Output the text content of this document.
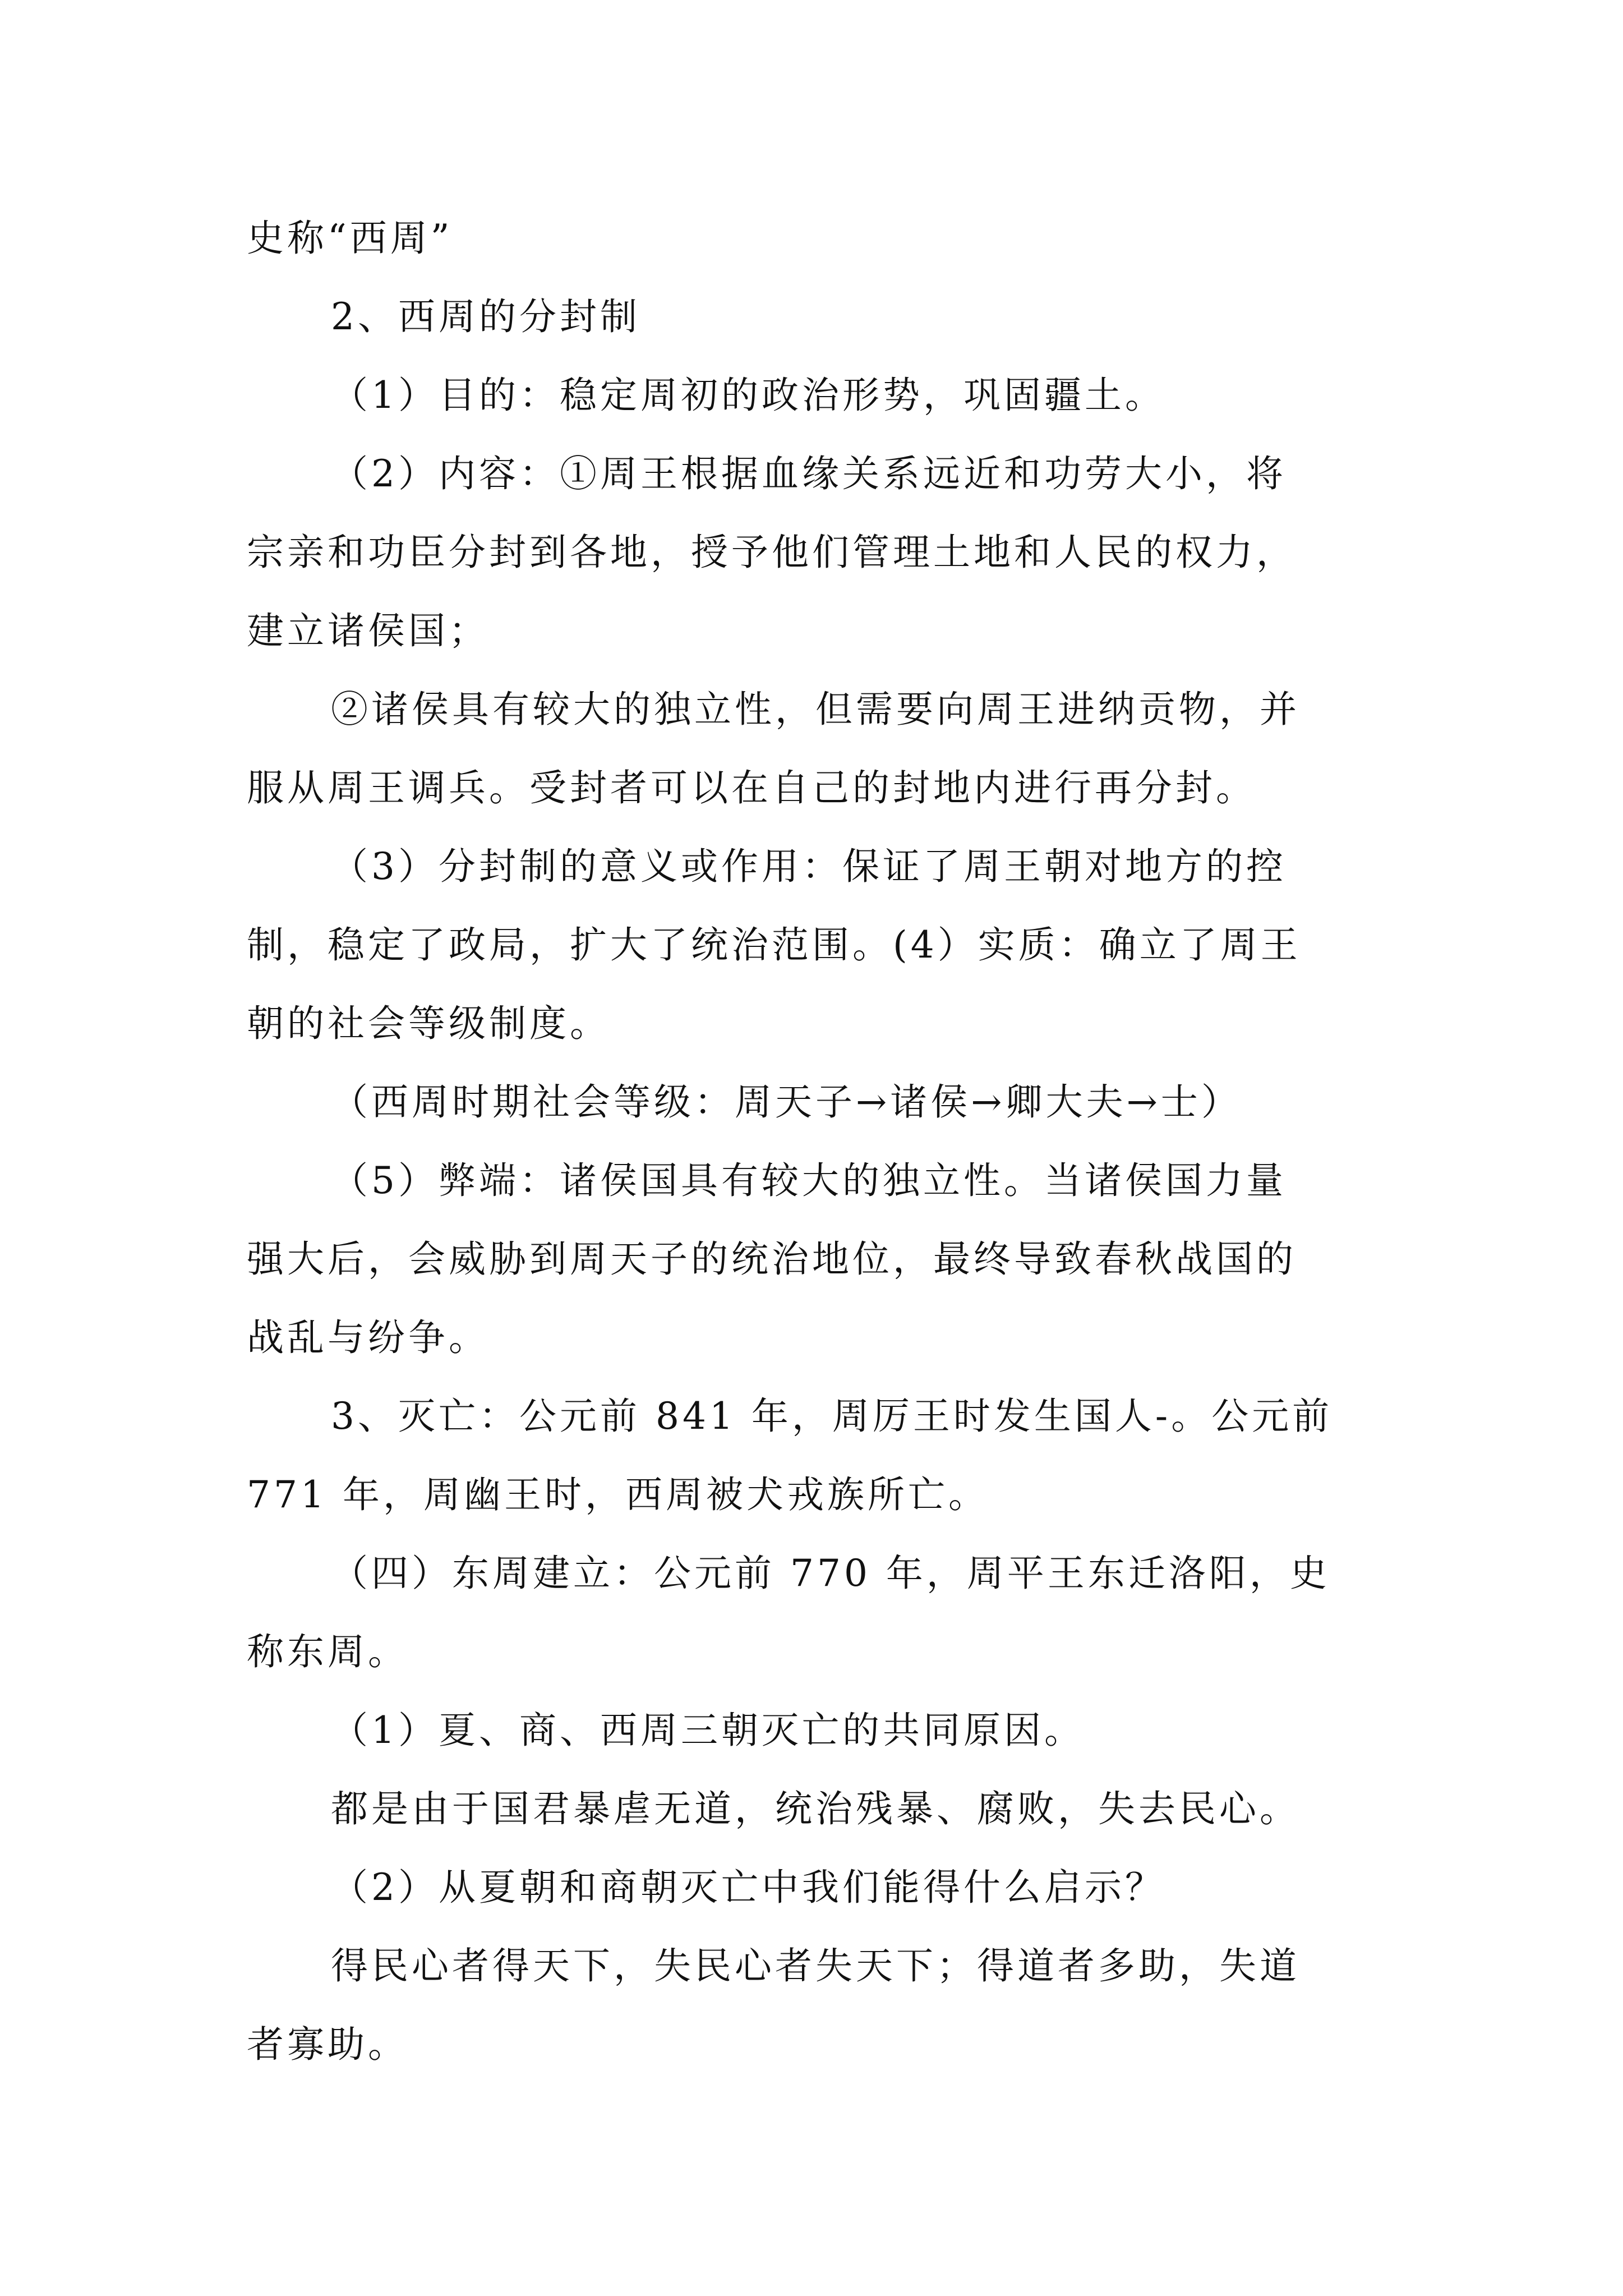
史称“西周”
2、西周的分封制
（1）目的：稳定周初的政治形势，巩固疆土。
（2）内容：①周王根据血缘关系远近和功劳大小，将
宗亲和功臣分封到各地，授予他们管理土地和人民的权力，
建立诸侯国；
②诸侯具有较大的独立性，但需要向周王进纳贡物，并
服从周王调兵。受封者可以在自己的封地内进行再分封。
（3）分封制的意义或作用：保证了周王朝对地方的控
制，稳定了政局，扩大了统治范围。(4）实质：确立了周王
朝的社会等级制度。
（西周时期社会等级：周天子→诸侯→卿大夫→士）
（5）弊端：诸侯国具有较大的独立性。当诸侯国力量
强大后，会威胁到周天子的统治地位，最终导致春秋战国的
战乱与纷争。
3、灭亡：公元前 841 年，周厉王时发生国人-。公元前
771 年，周幽王时，西周被犬戎族所亡。
（四）东周建立：公元前 770 年，周平王东迁洛阳，史
称东周。
（1）夏、商、西周三朝灭亡的共同原因。
都是由于国君暴虐无道，统治残暴、腐败，失去民心。
（2）从夏朝和商朝灭亡中我们能得什么启示？
得民心者得天下，失民心者失天下；得道者多助，失道
者寡助。
